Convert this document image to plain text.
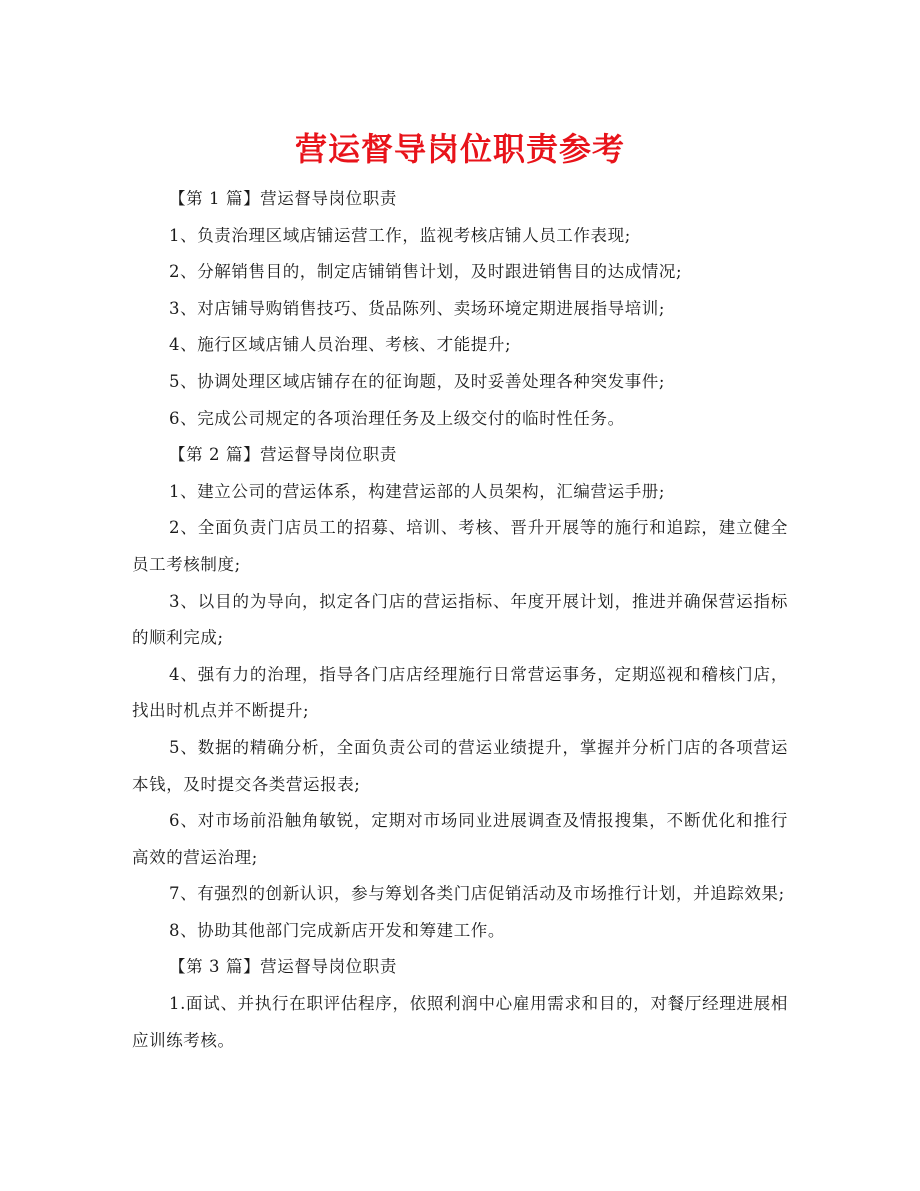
营运督导岗位职责参考

【第 1 篇】营运督导岗位职责

1、负责治理区域店铺运营工作，监视考核店铺人员工作表现;

2、分解销售目的，制定店铺销售计划，及时跟进销售目的达成情况;

3、对店铺导购销售技巧、货品陈列、卖场环境定期进展指导培训;

4、施行区域店铺人员治理、考核、才能提升;

5、协调处理区域店铺存在的征询题，及时妥善处理各种突发事件;

6、完成公司规定的各项治理任务及上级交付的临时性任务。

【第 2 篇】营运督导岗位职责

1、建立公司的营运体系，构建营运部的人员架构，汇编营运手册;

2、全面负责门店员工的招募、培训、考核、晋升开展等的施行和追踪，建立健全员工考核制度;

3、以目的为导向，拟定各门店的营运指标、年度开展计划，推进并确保营运指标的顺利完成;

4、强有力的治理，指导各门店店经理施行日常营运事务，定期巡视和稽核门店，找出时机点并不断提升;

5、数据的精确分析，全面负责公司的营运业绩提升，掌握并分析门店的各项营运本钱，及时提交各类营运报表;

6、对市场前沿触角敏锐，定期对市场同业进展调查及情报搜集，不断优化和推行高效的营运治理;

7、有强烈的创新认识，参与筹划各类门店促销活动及市场推行计划，并追踪效果;

8、协助其他部门完成新店开发和筹建工作。

【第 3 篇】营运督导岗位职责

1.面试、并执行在职评估程序，依照利润中心雇用需求和目的，对餐厅经理进展相应训练考核。
